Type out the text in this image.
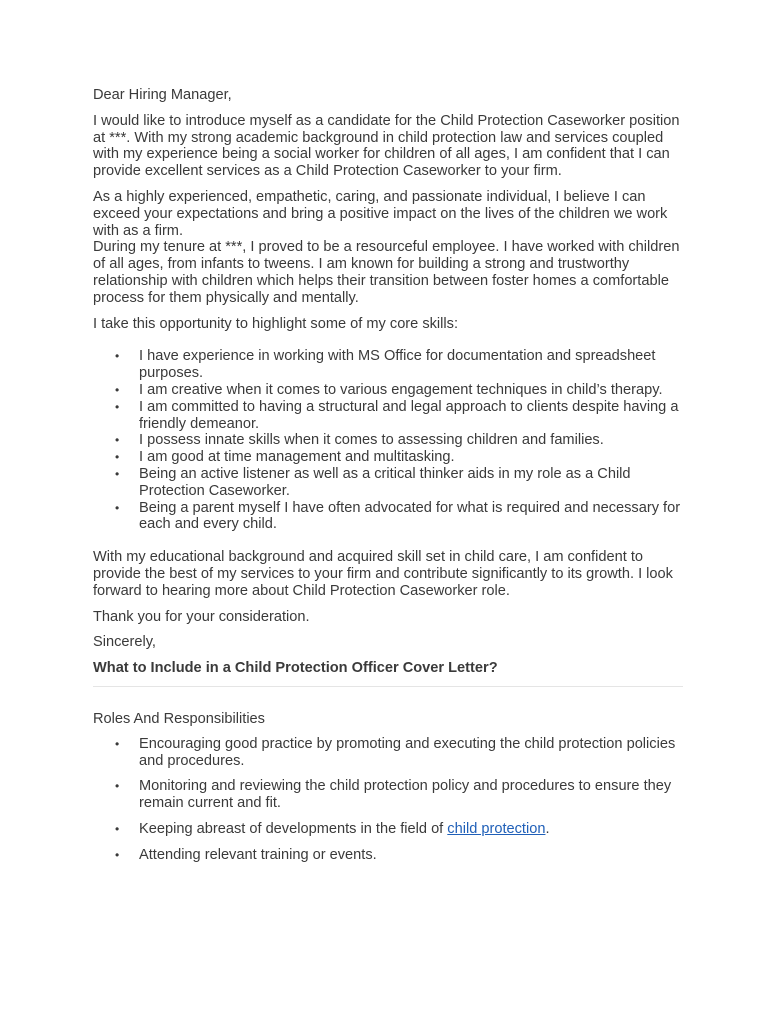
Dear Hiring Manager,

I would like to introduce myself as a candidate for the Child Protection Caseworker position at ***. With my strong academic background in child protection law and services coupled with my experience being a social worker for children of all ages, I am confident that I can provide excellent services as a Child Protection Caseworker to your firm.

As a highly experienced, empathetic, caring, and passionate individual, I believe I can exceed your expectations and bring a positive impact on the lives of the children we work with as a firm.

During my tenure at ***, I proved to be a resourceful employee. I have worked with children of all ages, from infants to tweens. I am known for building a strong and trustworthy relationship with children which helps their transition between foster homes a comfortable process for them physically and mentally.

I take this opportunity to highlight some of my core skills:

• I have experience in working with MS Office for documentation and spreadsheet purposes.
• I am creative when it comes to various engagement techniques in child’s therapy.
• I am committed to having a structural and legal approach to clients despite having a friendly demeanor.
• I possess innate skills when it comes to assessing children and families.
• I am good at time management and multitasking.
• Being an active listener as well as a critical thinker aids in my role as a Child Protection Caseworker.
• Being a parent myself I have often advocated for what is required and necessary for each and every child.

With my educational background and acquired skill set in child care, I am confident to provide the best of my services to your firm and contribute significantly to its growth. I look forward to hearing more about Child Protection Caseworker role.

Thank you for your consideration.

Sincerely,

What to Include in a Child Protection Officer Cover Letter?

Roles And Responsibilities

• Encouraging good practice by promoting and executing the child protection policies and procedures.
• Monitoring and reviewing the child protection policy and procedures to ensure they remain current and fit.
• Keeping abreast of developments in the field of child protection.
• Attending relevant training or events.
